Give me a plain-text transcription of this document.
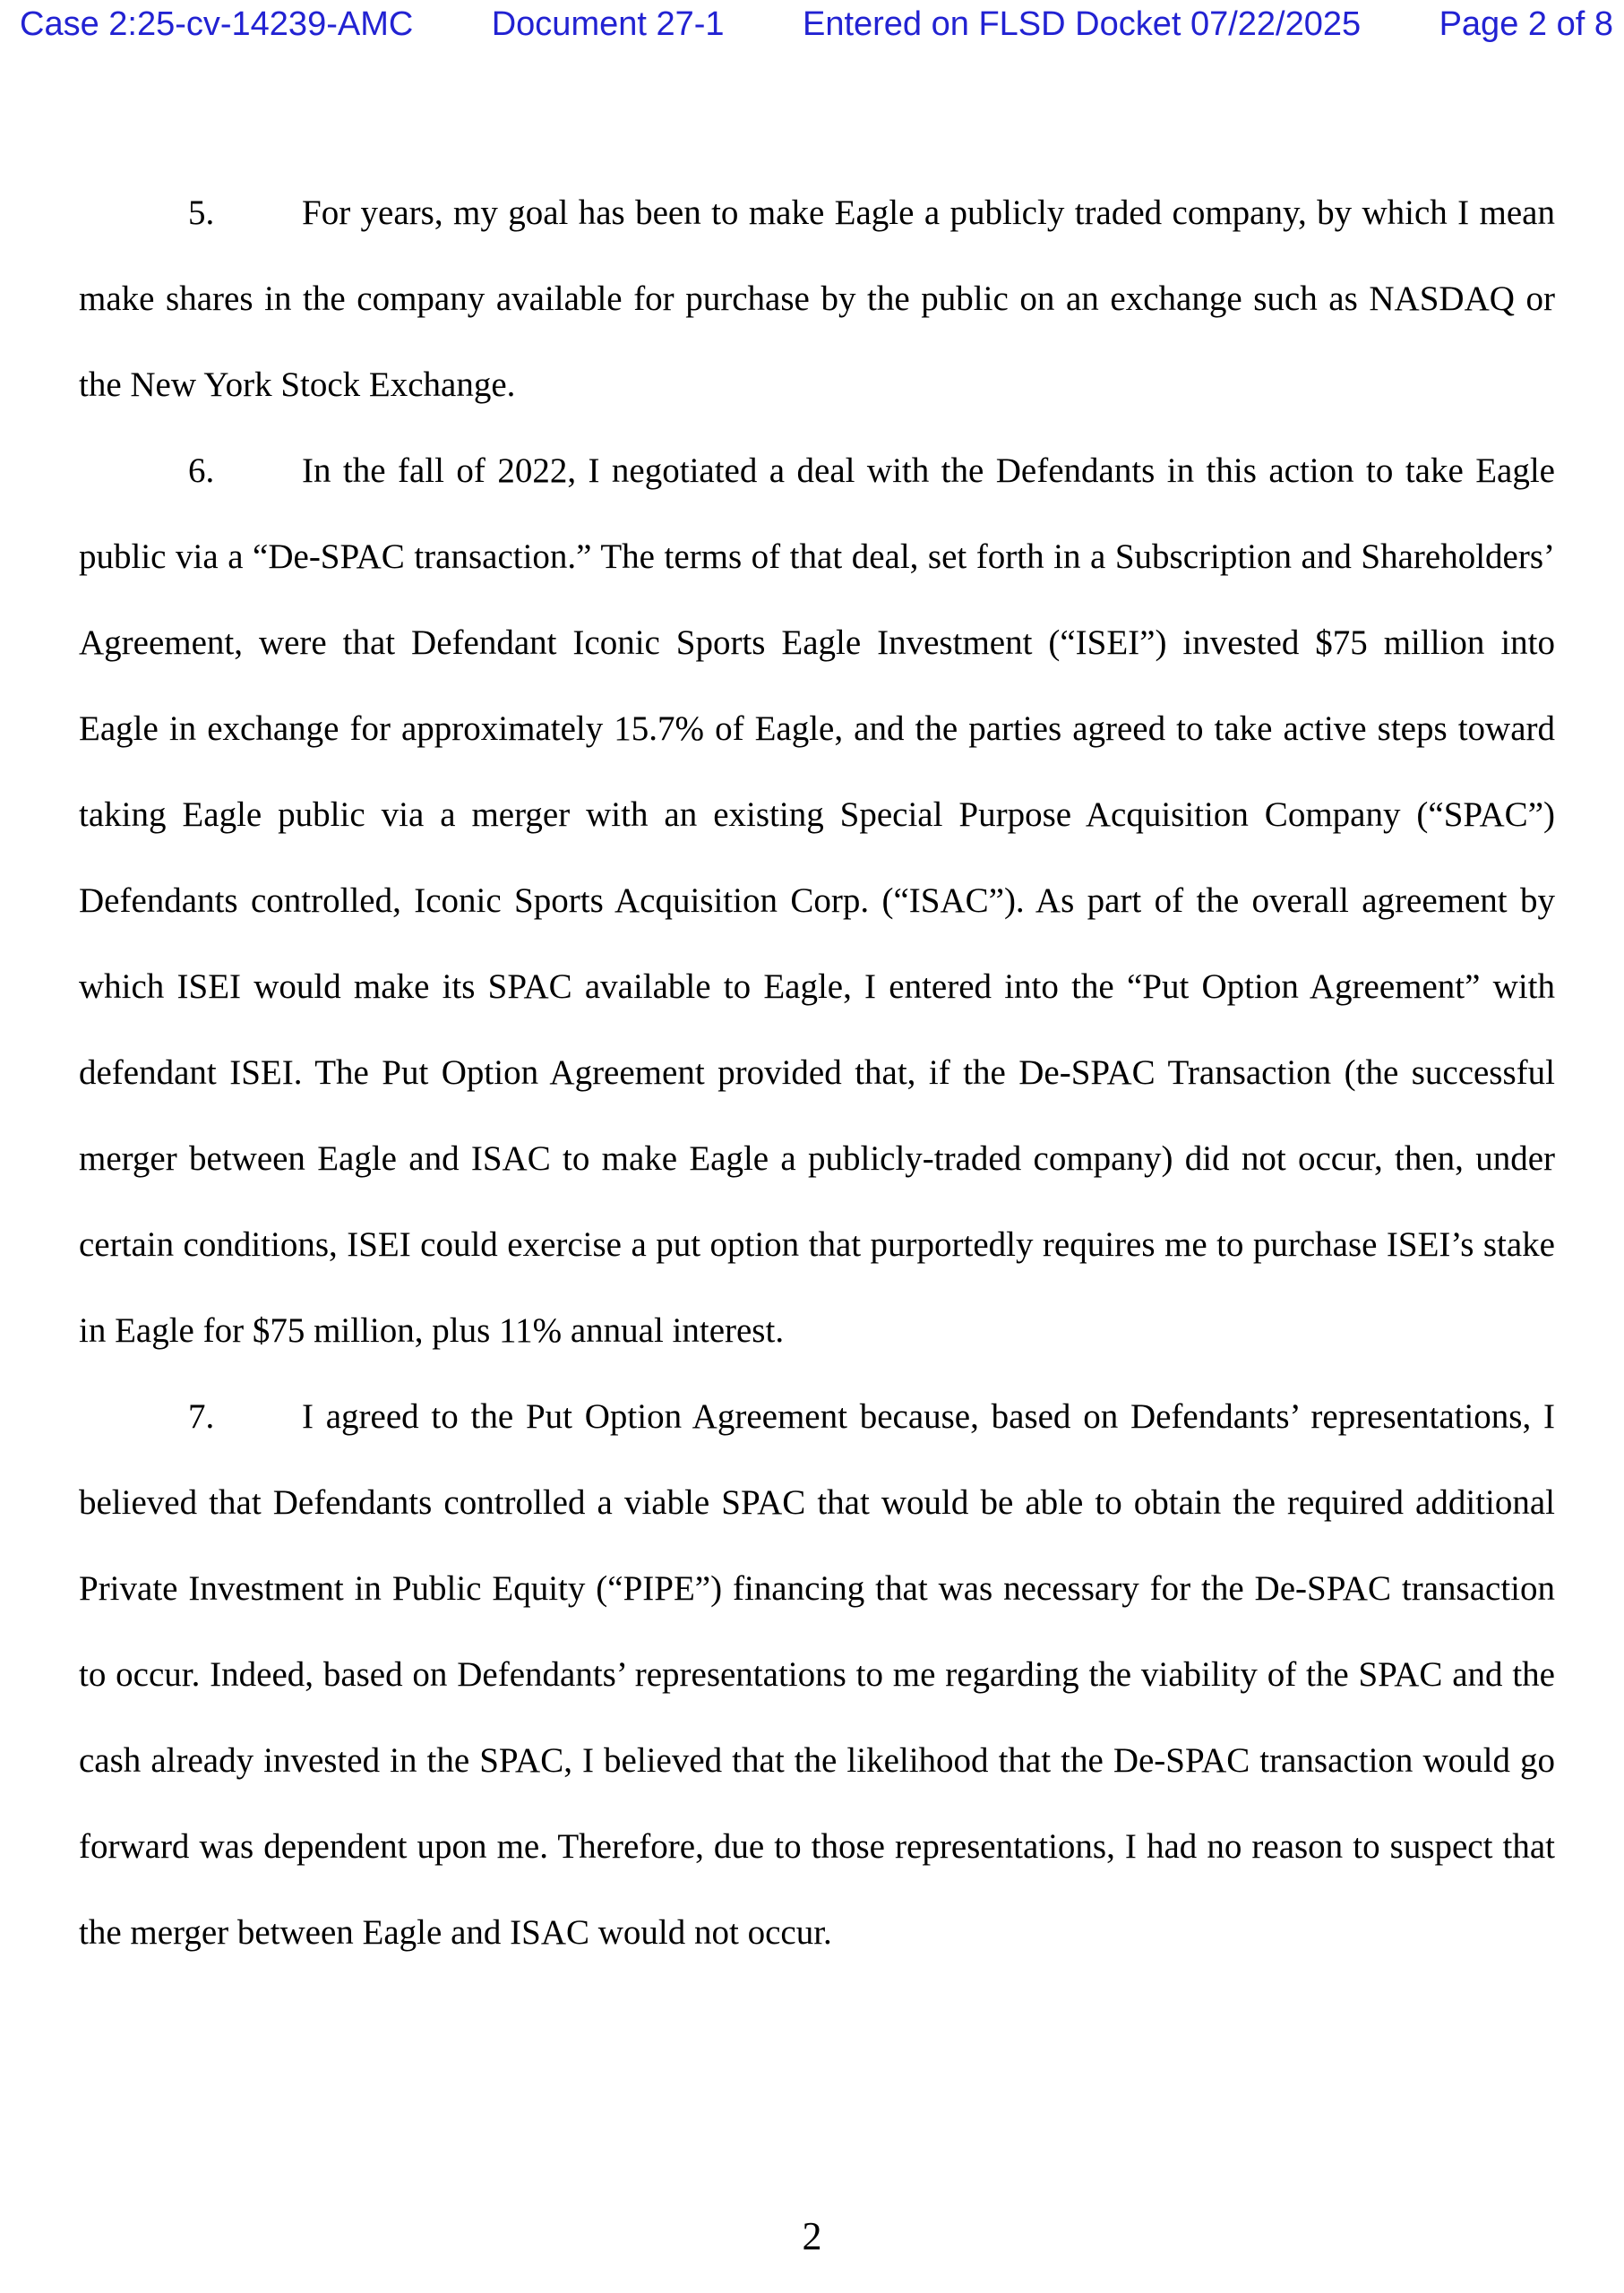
Case 2:25-cv-14239-AMC Document 27-1 Entered on FLSD Docket 07/22/2025 Page 2 of 8

5.	For years, my goal has been to make Eagle a publicly traded company, by which I mean make shares in the company available for purchase by the public on an exchange such as NASDAQ or the New York Stock Exchange.

6.	In the fall of 2022, I negotiated a deal with the Defendants in this action to take Eagle public via a “De-SPAC transaction.” The terms of that deal, set forth in a Subscription and Shareholders’ Agreement, were that Defendant Iconic Sports Eagle Investment (“ISEI”) invested $75 million into Eagle in exchange for approximately 15.7% of Eagle, and the parties agreed to take active steps toward taking Eagle public via a merger with an existing Special Purpose Acquisition Company (“SPAC”) Defendants controlled, Iconic Sports Acquisition Corp. (“ISAC”). As part of the overall agreement by which ISEI would make its SPAC available to Eagle, I entered into the “Put Option Agreement” with defendant ISEI. The Put Option Agreement provided that, if the De-SPAC Transaction (the successful merger between Eagle and ISAC to make Eagle a publicly-traded company) did not occur, then, under certain conditions, ISEI could exercise a put option that purportedly requires me to purchase ISEI’s stake in Eagle for $75 million, plus 11% annual interest.

7.	I agreed to the Put Option Agreement because, based on Defendants’ representations, I believed that Defendants controlled a viable SPAC that would be able to obtain the required additional Private Investment in Public Equity (“PIPE”) financing that was necessary for the De-SPAC transaction to occur. Indeed, based on Defendants’ representations to me regarding the viability of the SPAC and the cash already invested in the SPAC, I believed that the likelihood that the De-SPAC transaction would go forward was dependent upon me. Therefore, due to those representations, I had no reason to suspect that the merger between Eagle and ISAC would not occur.

2
